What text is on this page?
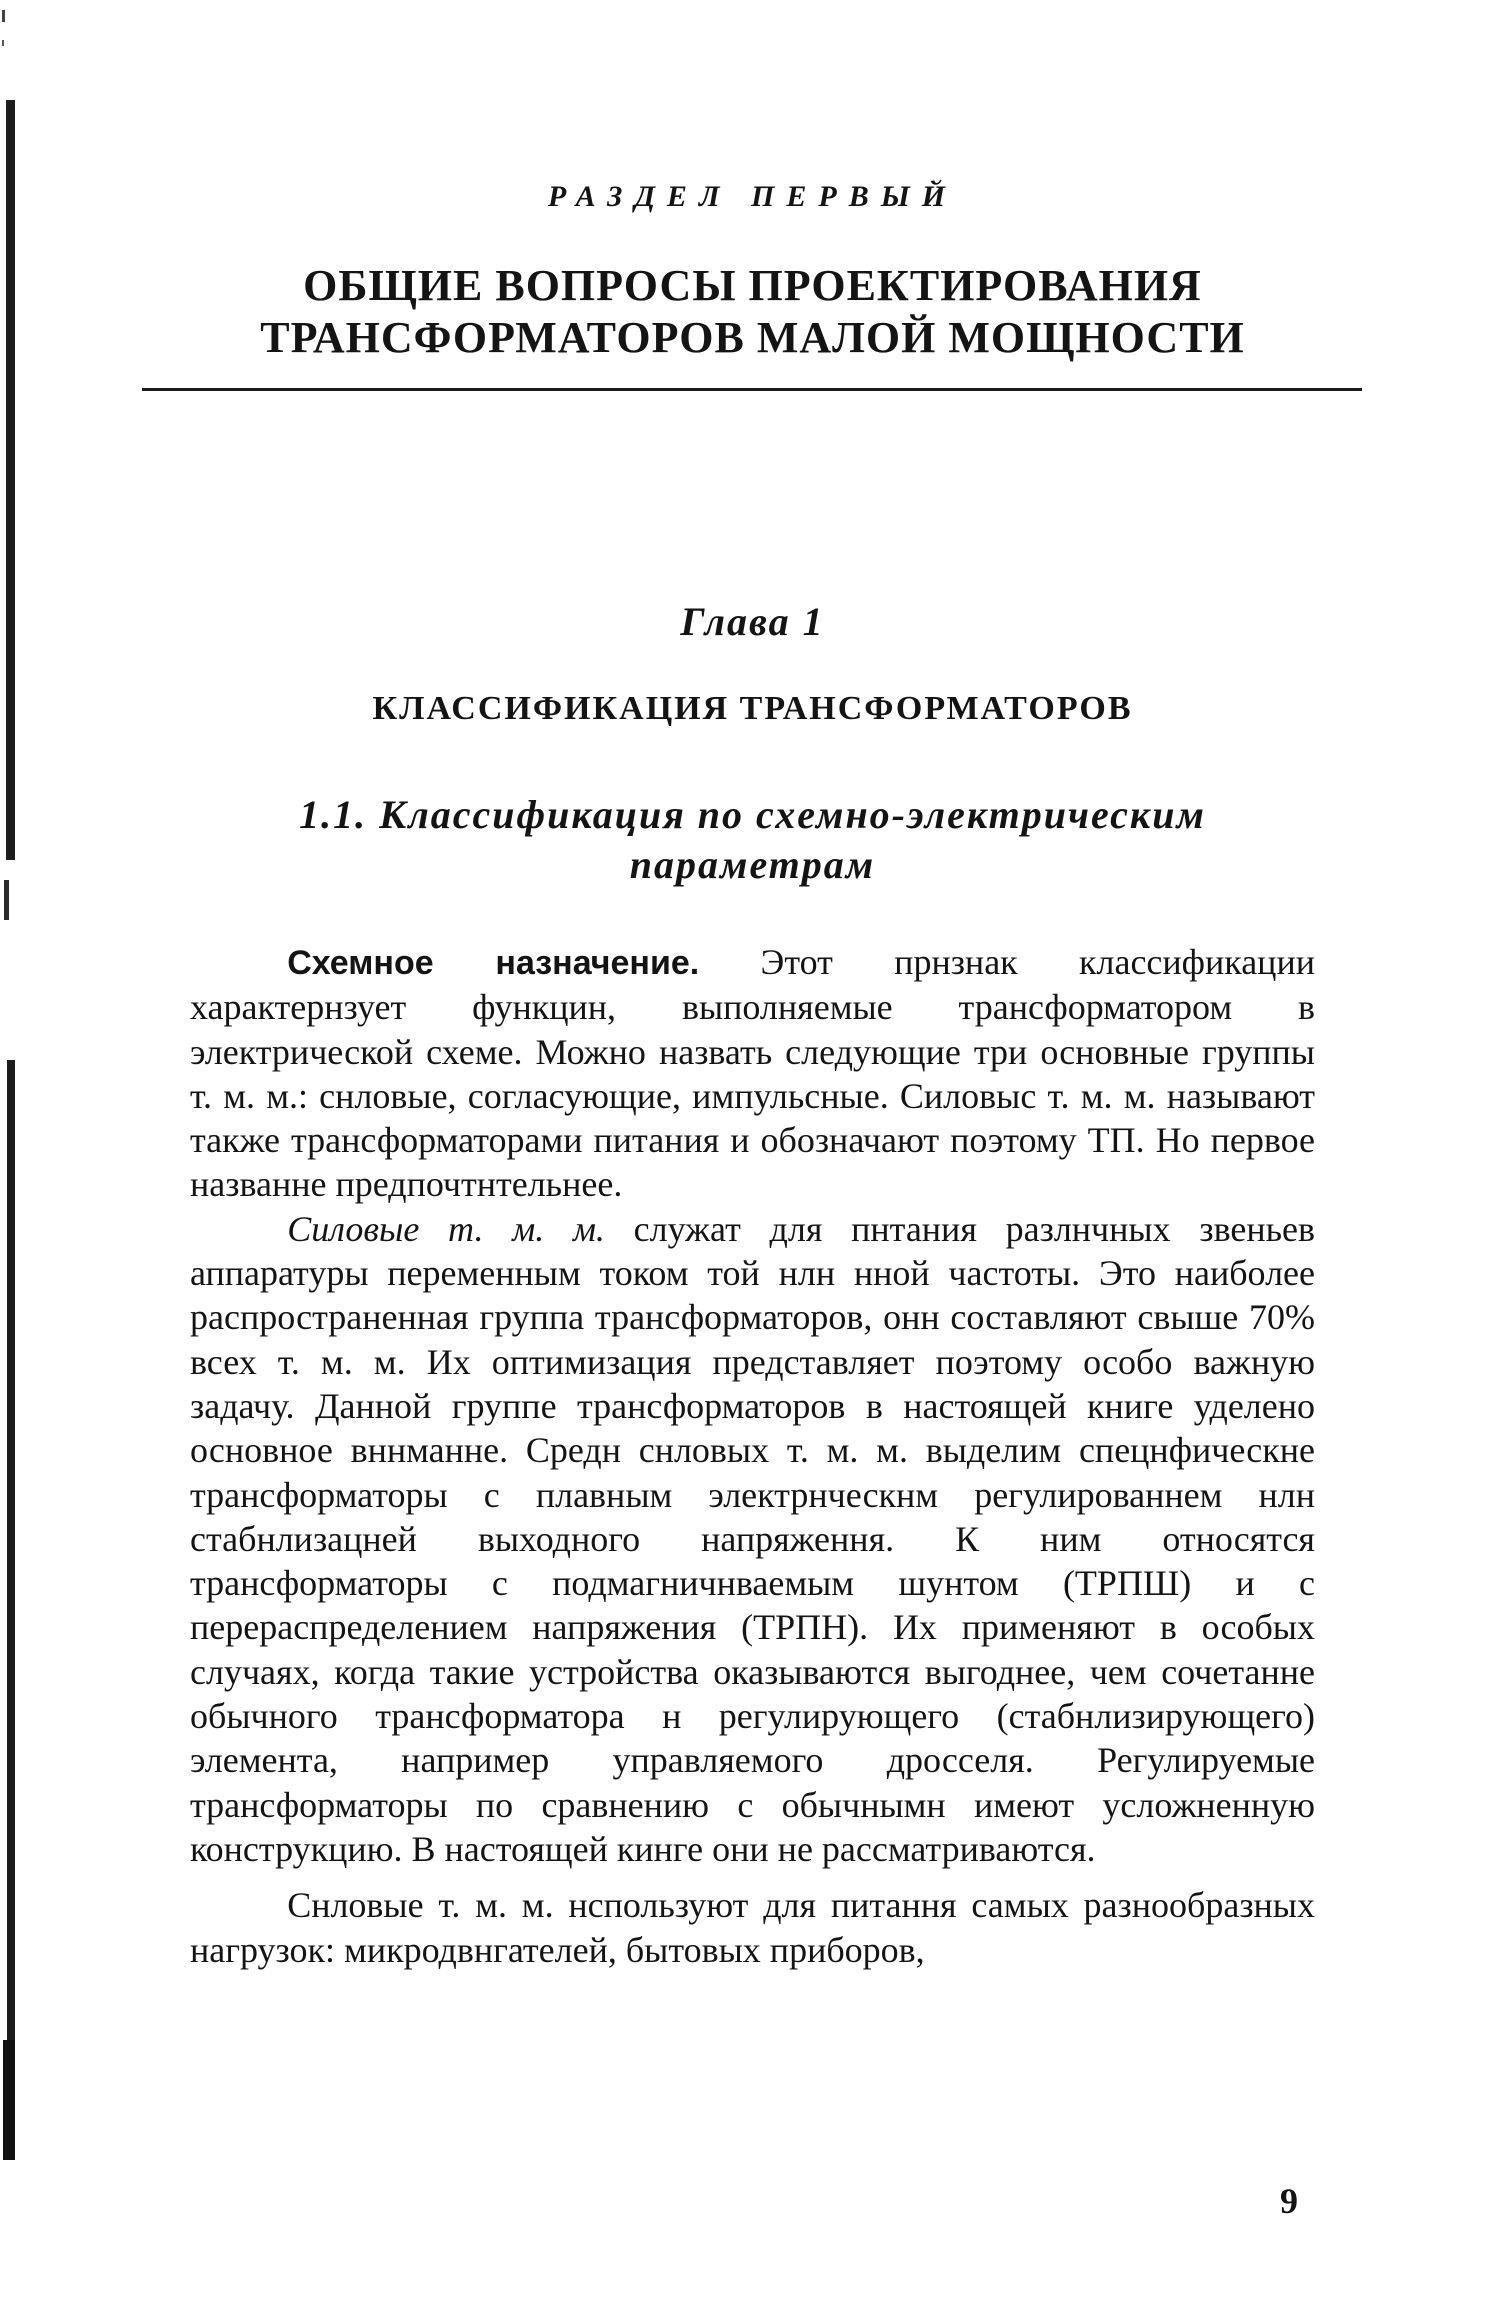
РАЗДЕЛ ПЕРВЫЙ
ОБЩИЕ ВОПРОСЫ ПРОЕКТИРОВАНИЯ
ТРАНСФОРМАТОРОВ МАЛОЙ МОЩНОСТИ
Глава 1
КЛАССИФИКАЦИЯ ТРАНСФОРМАТОРОВ
1.1. Классификация по схемно-электрическим
параметрам

Схемное назначение. Этот прнзнак классификации характернзует функцин, выполняемые трансформатором в электрической схеме. Можно назвать следующие три основные группы т. м. м.: снловые, согласующие, импульсные. Силовыс т. м. м. называют также трансформаторами питания и обозначают поэтому ТП. Но первое названне предпочтнтельнее.

Силовые т. м. м. служат для пнтания разлнчных звеньев аппаратуры переменным током той нлн нной частоты. Это наиболее распространенная группа трансформаторов, онн составляют свыше 70% всех т. м. м. Их оптимизация представляет поэтому особо важную задачу. Данной группе трансформаторов в настоящей книге уделено основное вннманне. Средн снловых т. м. м. выделим спецнфическне трансформаторы с плавным электрнческнм регулированнем нлн стабнлизацней выходного напряження. К ним относятся трансформаторы с подмагничнваемым шунтом (ТРПШ) и с перераспределением напряжения (ТРПН). Их применяют в особых случаях, когда такие устройства оказываются выгоднее, чем сочетанне обычного трансформатора н регулирующего (стабнлизирующего) элемента, например управляемого дросселя. Регулируемые трансформаторы по сравнению с обычнымн имеют усложненную конструкцию. В настоящей кинге они не рассматриваются.

Снловые т. м. м. нспользуют для питання самых разнообразных нагрузок: микродвнгателей, бытовых приборов,

9
